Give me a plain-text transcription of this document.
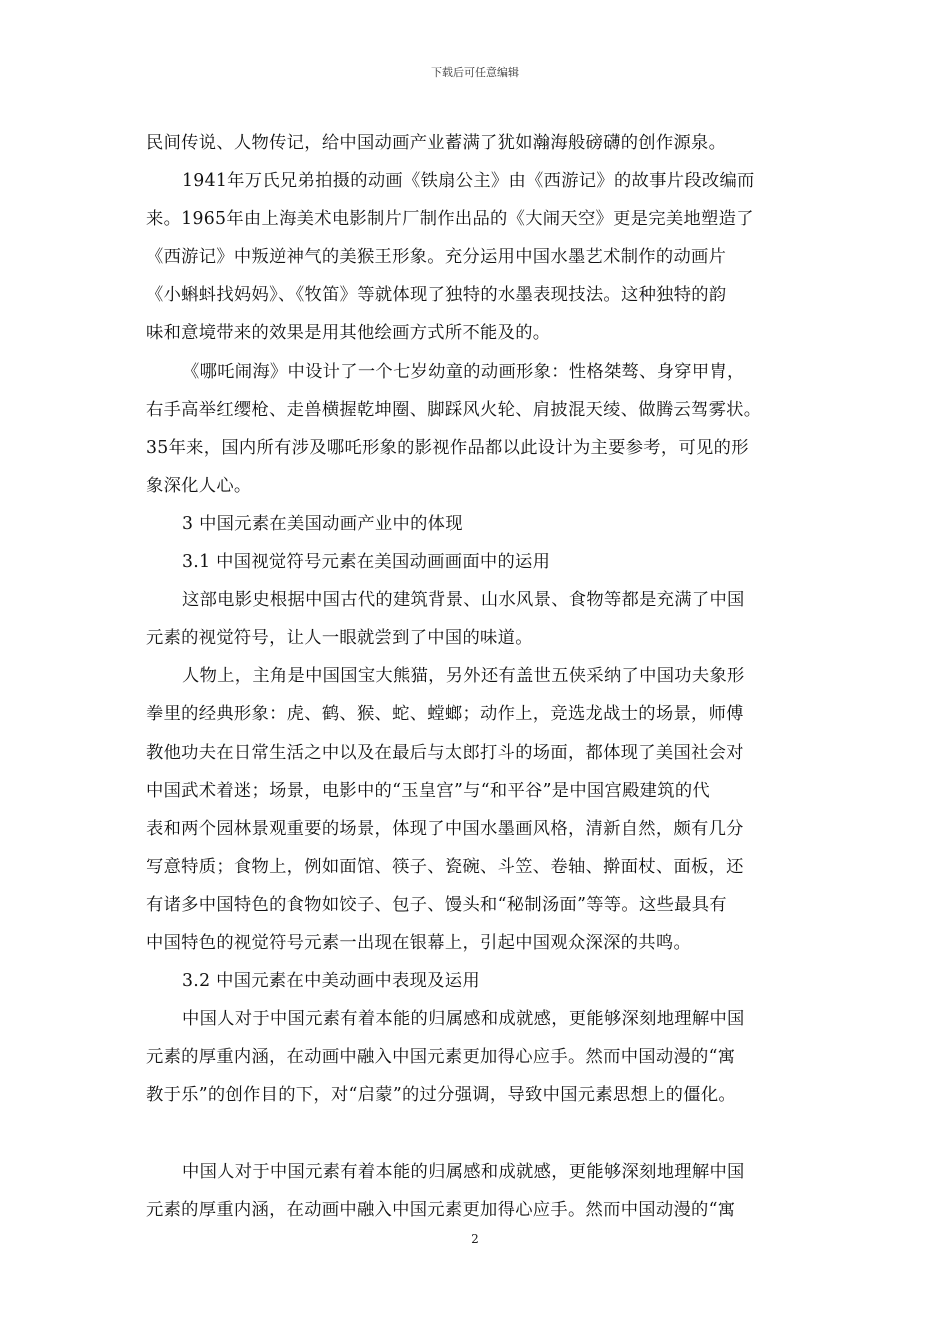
下载后可任意编辑
民间传说、人物传记，给中国动画产业蓄满了犹如瀚海般磅礴的创作源泉。
1941年万氏兄弟拍摄的动画《铁扇公主》由《西游记》的故事片段改编而
来。1965年由上海美术电影制片厂制作出品的《大闹天空》更是完美地塑造了
《西游记》中叛逆神气的美猴王形象。充分运用中国水墨艺术制作的动画片
《小蝌蚪找妈妈》、《牧笛》等就体现了独特的水墨表现技法。这种独特的韵
味和意境带来的效果是用其他绘画方式所不能及的。
《哪吒闹海》中设计了一个七岁幼童的动画形象：性格桀骜、身穿甲胄，
右手高举红缨枪、走兽横握乾坤圈、脚踩风火轮、肩披混天绫、做腾云驾雾状。
35年来，国内所有涉及哪吒形象的影视作品都以此设计为主要参考，可见的形
象深化人心。
3 中国元素在美国动画产业中的体现
3.1 中国视觉符号元素在美国动画画面中的运用
这部电影史根据中国古代的建筑背景、山水风景、食物等都是充满了中国
元素的视觉符号，让人一眼就尝到了中国的味道。
人物上，主角是中国国宝大熊猫，另外还有盖世五侠采纳了中国功夫象形
拳里的经典形象：虎、鹤、猴、蛇、螳螂；动作上，竞选龙战士的场景，师傅
教他功夫在日常生活之中以及在最后与太郎打斗的场面，都体现了美国社会对
中国武术着迷；场景，电影中的“玉皇宫”与“和平谷”是中国宫殿建筑的代
表和两个园林景观重要的场景，体现了中国水墨画风格，清新自然，颇有几分
写意特质；食物上，例如面馆、筷子、瓷碗、斗笠、卷轴、擀面杖、面板，还
有诸多中国特色的食物如饺子、包子、馒头和“秘制汤面”等等。这些最具有
中国特色的视觉符号元素一出现在银幕上，引起中国观众深深的共鸣。
3.2 中国元素在中美动画中表现及运用
中国人对于中国元素有着本能的归属感和成就感，更能够深刻地理解中国
元素的厚重内涵，在动画中融入中国元素更加得心应手。然而中国动漫的“寓
教于乐”的创作目的下，对“启蒙”的过分强调，导致中国元素思想上的僵化。
中国人对于中国元素有着本能的归属感和成就感，更能够深刻地理解中国
元素的厚重内涵，在动画中融入中国元素更加得心应手。然而中国动漫的“寓
2
